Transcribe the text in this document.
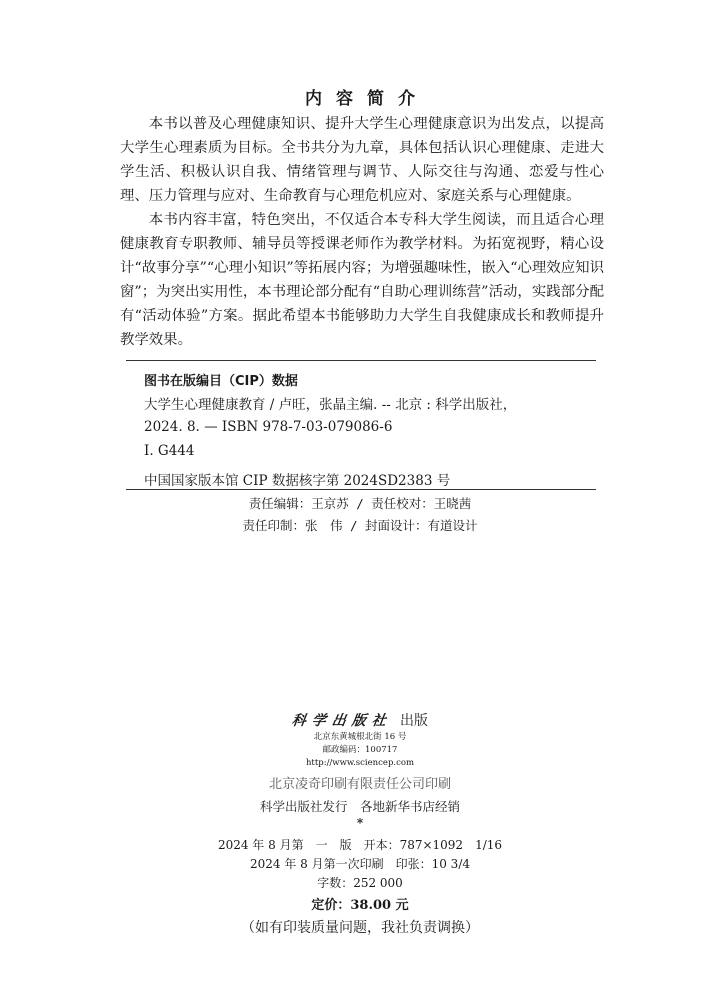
内容简介

本书以普及心理健康知识、提升大学生心理健康意识为出发点，以提高大学生心理素质为目标。全书共分为九章，具体包括认识心理健康、走进大学生活、积极认识自我、情绪管理与调节、人际交往与沟通、恋爱与性心理、压力管理与应对、生命教育与心理危机应对、家庭关系与心理健康。

本书内容丰富，特色突出，不仅适合本专科大学生阅读，而且适合心理健康教育专职教师、辅导员等授课老师作为教学材料。为拓宽视野，精心设计“故事分享”“心理小知识”等拓展内容；为增强趣味性，嵌入“心理效应知识窗”；为突出实用性，本书理论部分配有“自助心理训练营”活动，实践部分配有“活动体验”方案。据此希望本书能够助力大学生自我健康成长和教师提升教学效果。

图书在版编目（CIP）数据
大学生心理健康教育 / 卢旺，张晶主编. -- 北京 : 科学出版社，
2024. 8. — ISBN 978-7-03-079086-6
Ⅰ. G444
中国国家版本馆 CIP 数据核字第 2024SD2383 号
责任编辑：王京苏 / 责任校对：王晓茜
责任印制：张　伟 / 封面设计：有道设计
科学出版社 出版
北京东黄城根北街 16 号
邮政编码：100717
http://www.sciencep.com
北京凌奇印刷有限责任公司印刷
科学出版社发行　各地新华书店经销
*
2024 年 8 月第　一　版　开本：787×1092　1/16
2024 年 8 月第一次印刷　印张：10 3/4
字数：252 000
定价：38.00 元
（如有印装质量问题，我社负责调换）
